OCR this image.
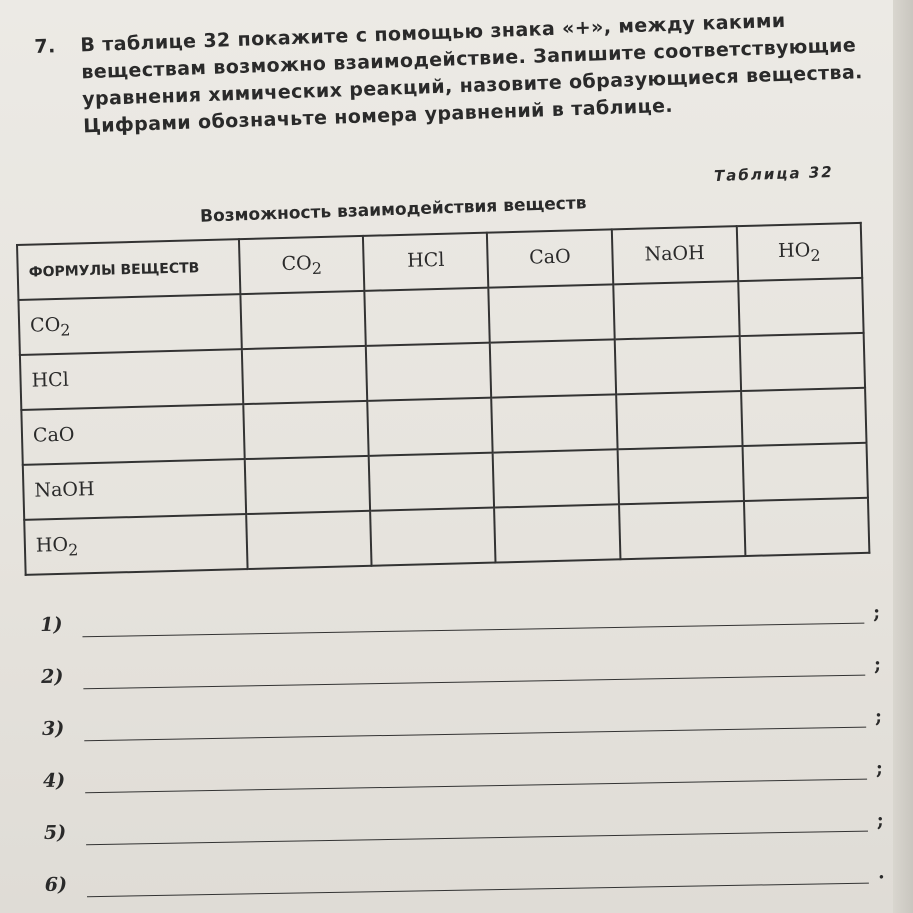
7. В таблице 32 покажите с помощью знака «+», между какими веществам возможно взаимодействие. Запишите соответствующие уравнения химических реакций, назовите образующиеся вещества. Цифрами обозначьте номера уравнений в таблице.
Таблица 32
Возможность взаимодействия веществ
ФОРМУЛЫ ВЕЩЕСТВ	$CO_2$	HCl	CaO	NaOH	$HO_2$
$CO_2$					
HCl					
CaO					
NaOH					
$HO_2$					
1)
;
2)
;
3)
;
4)
;
5)
;
6)
.
